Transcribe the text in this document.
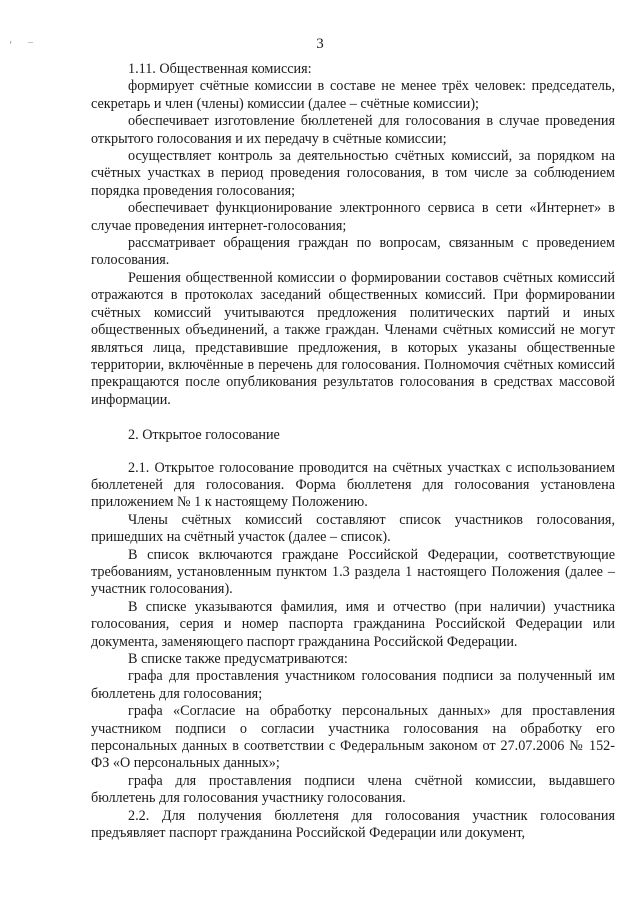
‘ ¯	3

1.11. Общественная комиссия:

формирует счётные комиссии в составе не менее трёх человек: председатель, секретарь и член (члены) комиссии (далее – счётные комиссии);

обеспечивает изготовление бюллетеней для голосования в случае проведения открытого голосования и их передачу в счётные комиссии;

осуществляет контроль за деятельностью счётных комиссий, за порядком на счётных участках в период проведения голосования, в том числе за соблюдением порядка проведения голосования;

обеспечивает функционирование электронного сервиса в сети «Интернет» в случае проведения интернет-голосования;

рассматривает обращения граждан по вопросам, связанным с проведением голосования.

Решения общественной комиссии о формировании составов счётных комиссий отражаются в протоколах заседаний общественных комиссий. При формировании счётных комиссий учитываются предложения политических партий и иных общественных объединений, а также граждан. Членами счётных комиссий не могут являться лица, представившие предложения, в которых указаны общественные территории, включённые в перечень для голосования. Полномочия счётных комиссий прекращаются после опубликования результатов голосования в средствах массовой информации.

2. Открытое голосование

2.1. Открытое голосование проводится на счётных участках с использованием бюллетеней для голосования. Форма бюллетеня для голосования установлена приложением № 1 к настоящему Положению.

Члены счётных комиссий составляют список участников голосования, пришедших на счётный участок (далее – список).

В список включаются граждане Российской Федерации, соответствующие требованиям, установленным пунктом 1.3 раздела 1 настоящего Положения (далее – участник голосования).

В списке указываются фамилия, имя и отчество (при наличии) участника голосования, серия и номер паспорта гражданина Российской Федерации или документа, заменяющего паспорт гражданина Российской Федерации.

В списке также предусматриваются:

графа для проставления участником голосования подписи за полученный им бюллетень для голосования;

графа «Согласие на обработку персональных данных» для проставления участником подписи о согласии участника голосования на обработку его персональных данных в соответствии с Федеральным законом от 27.07.2006 № 152-ФЗ «О персональных данных»;

графа для проставления подписи члена счётной комиссии, выдавшего бюллетень для голосования участнику голосования.

2.2. Для получения бюллетеня для голосования участник голосования предъявляет паспорт гражданина Российской Федерации или документ,
